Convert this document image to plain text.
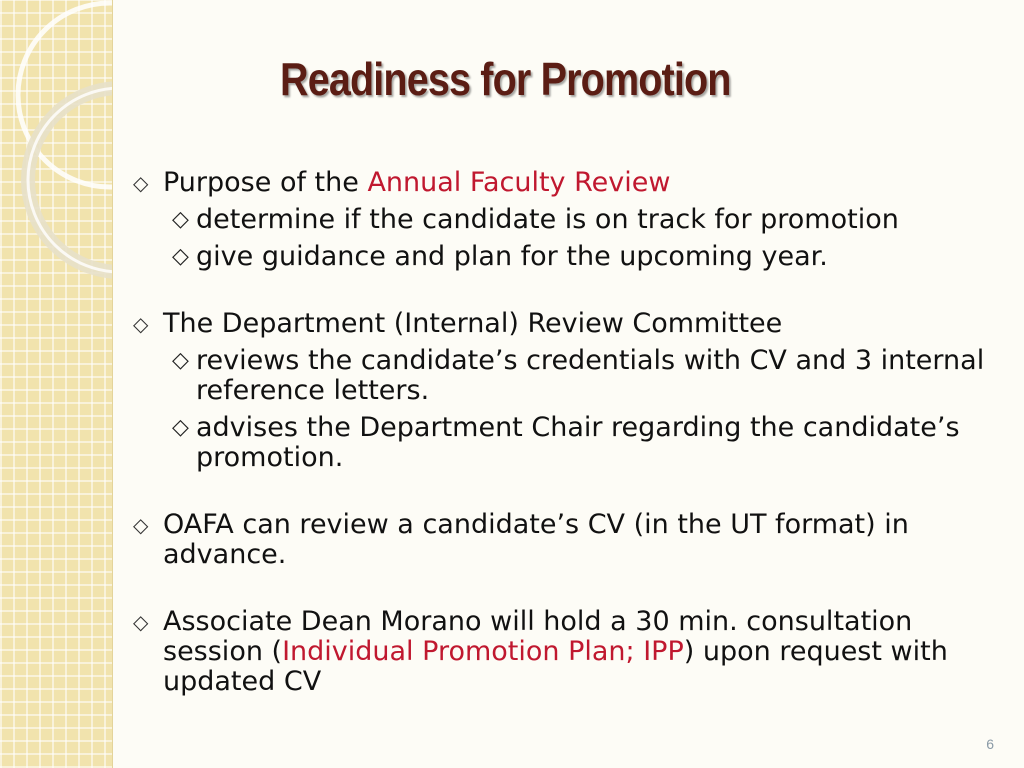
Readiness for Promotion
◇ Purpose of the Annual Faculty Review
◇ determine if the candidate is on track for promotion
◇ give guidance and plan for the upcoming year.
◇ The Department (Internal) Review Committee
◇ reviews the candidate’s credentials with CV and 3 internal reference letters.
◇ advises the Department Chair regarding the candidate’s promotion.
◇ OAFA can review a candidate’s CV (in the UT format) in advance.
◇ Associate Dean Morano will hold a 30 min. consultation session (Individual Promotion Plan; IPP) upon request with updated CV
6
